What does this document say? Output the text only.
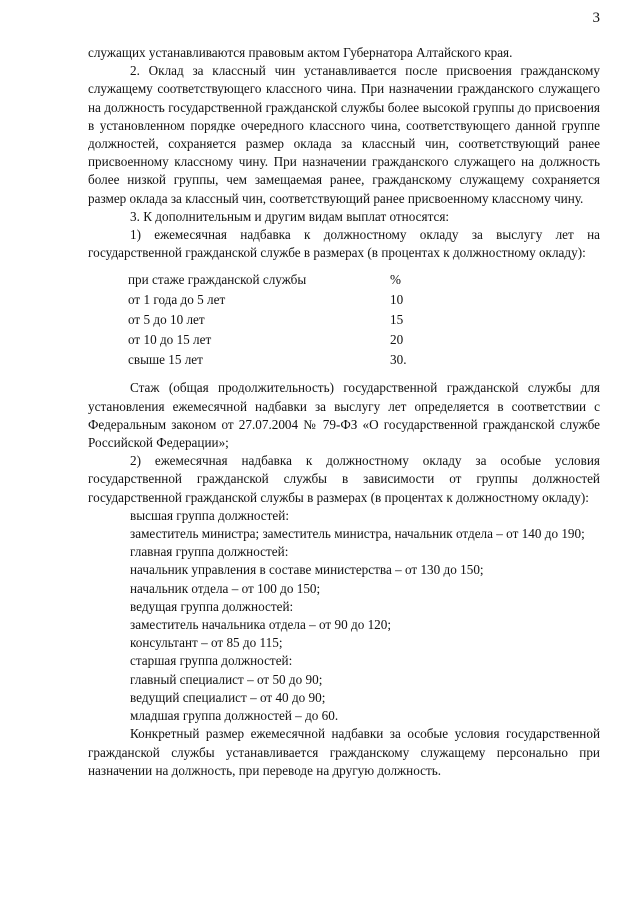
3

служащих устанавливаются правовым актом Губернатора Алтайского края.

2. Оклад за классный чин устанавливается после присвоения гражданскому служащему соответствующего классного чина. При назначении гражданского служащего на должность государственной гражданской службы более высокой группы до присвоения в установленном порядке очередного классного чина, соответствующего данной группе должностей, сохраняется размер оклада за классный чин, соответствующий ранее присвоенному классному чину. При назначении гражданского служащего на должность более низкой группы, чем замещаемая ранее, гражданскому служащему сохраняется размер оклада за классный чин, соответствующий ранее присвоенному классному чину.

3. К дополнительным и другим видам выплат относятся:

1) ежемесячная надбавка к должностному окладу за выслугу лет на государственной гражданской службе в размерах (в процентах к должностному окладу):

при стаже гражданской службы	%
от 1 года до 5 лет	10
от 5 до 10 лет	15
от 10 до 15 лет	20
свыше 15 лет	30.

Стаж (общая продолжительность) государственной гражданской службы для установления ежемесячной надбавки за выслугу лет определяется в соответствии с Федеральным законом от 27.07.2004 № 79-ФЗ «О государственной гражданской службе Российской Федерации»;

2) ежемесячная надбавка к должностному окладу за особые условия государственной гражданской службы в зависимости от группы должностей государственной гражданской службы в размерах (в процентах к должностному окладу):

высшая группа должностей:

заместитель министра; заместитель министра, начальник отдела – от 140 до 190;

главная группа должностей:

начальник управления в составе министерства – от 130 до 150;

начальник отдела – от 100 до 150;

ведущая группа должностей:

заместитель начальника отдела – от 90 до 120;

консультант – от 85 до 115;

старшая группа должностей:

главный специалист – от 50 до 90;

ведущий специалист – от 40 до 90;

младшая группа должностей – до 60.

Конкретный размер ежемесячной надбавки за особые условия государственной гражданской службы устанавливается гражданскому служащему персонально при назначении на должность, при переводе на другую должность.
